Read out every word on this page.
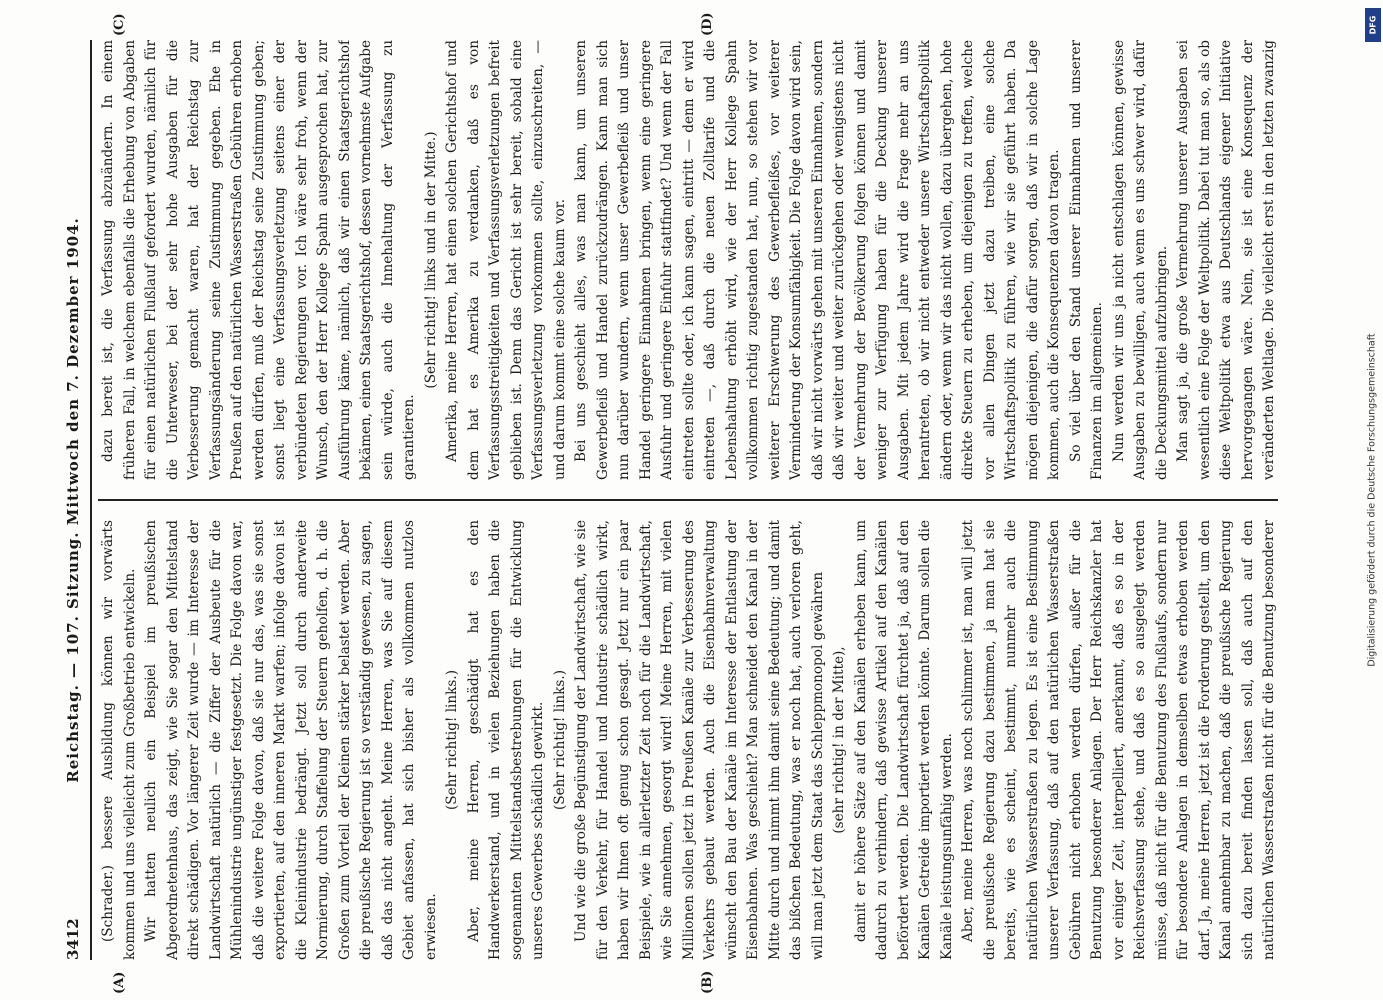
3412
Reichstag. — 107. Sitzung. Mittwoch den 7. Dezember 1904.
(A)	(B)
(C)	(D)

(Schrader.) bessere Ausbildung können wir vorwärts kommen und uns vielleicht zum Großbetrieb entwickeln. Wir hatten neulich ein Beispiel im preußischen Abgeordnetenhaus, das zeigt, wie Sie sogar den Mittelstand direkt schädigen. Vor längerer Zeit wurde — im Interesse der Landwirtschaft natürlich — die Ziffer der Ausbeute für die Mühlenindustrie ungünstiger festgesetzt. Die Folge davon war, daß die weitere Folge davon, daß sie nur das, was sie sonst exportierten, auf den inneren Markt warfen; infolge davon ist die Kleinindustrie bedrängt. Jetzt soll durch anderweite Normierung, durch Staffelung der Steuern geholfen, d. h. die Großen zum Vorteil der Kleinen stärker belastet werden. Aber die preußische Regierung ist so verständig gewesen, zu sagen, daß das nicht angeht. Meine Herren, was Sie auf diesem Gebiet anfassen, hat sich bisher als vollkommen nutzlos erwiesen.

(Sehr richtig! links.) Aber, meine Herren, geschädigt hat es den Handwerkerstand, und in vielen Beziehungen haben die sogenannten Mittelstandsbestrebungen für die Entwicklung unseres Gewerbes schädlich gewirkt. (Sehr richtig! links.) Und wie die große Begünstigung der Landwirtschaft, wie sie für den Verkehr, für Handel und Industrie schädlich wirkt, haben wir Ihnen oft genug schon gesagt. Jetzt nur ein paar Beispiele, wie in allerletzter Zeit noch für die Landwirtschaft, wie Sie annehmen, gesorgt wird! Meine Herren, mit vielen Millionen sollen jetzt in Preußen Kanäle zur Verbesserung des Verkehrs gebaut werden. Auch die Eisenbahnverwaltung wünscht den Bau der Kanäle im Interesse der Entlastung der Eisenbahnen. Was geschieht? Man schneidet den Kanal in der Mitte durch und nimmt ihm damit seine Bedeutung; und damit das bißchen Bedeutung, was er noch hat, auch verloren geht, will man jetzt dem Staat das Schleppmonopol gewähren (sehr richtig! in der Mitte), damit er höhere Sätze auf den Kanälen erheben kann, um dadurch zu verhindern, daß gewisse Artikel auf den Kanälen befördert werden. Die Landwirtschaft fürchtet ja, daß auf den Kanälen Getreide importiert werden könnte. Darum sollen die Kanäle leistungsunfähig werden. Aber, meine Herren, was noch schlimmer ist, man will jetzt die preußische Regierung dazu bestimmen, ja man hat sie bereits, wie es scheint, bestimmt, nunmehr auch die natürlichen Wasserstraßen zu legen. Es ist eine Bestimmung unserer Verfassung, daß auf den natürlichen Wasserstraßen Gebühren nicht erhoben werden dürfen, außer für die Benutzung besonderer Anlagen. Der Herr Reichskanzler hat vor einiger Zeit, interpelliert, anerkannt, daß es so in der Reichsverfassung stehe, und daß es so ausgelegt werden müsse, daß nicht für die Benutzung des Flußlaufs, sondern nur für besondere Anlagen in demselben etwas erhoben werden darf. Ja, meine Herren, jetzt ist die Forderung gestellt, um den Kanal annehmbar zu machen, daß die preußische Regierung sich dazu bereit finden lassen soll, daß auch auf den natürlichen Wasserstraßen nicht für die Benutzung besonderer

dazu bereit ist, die Verfassung abzuändern. In einem früheren Fall, in welchem ebenfalls die Erhebung von Abgaben für einen natürlichen Flußlauf gefordert wurden, nämlich für die Unterweser, bei der sehr hohe Ausgaben für die Verbesserung gemacht waren, hat der Reichstag zur Verfassungsänderung seine Zustimmung gegeben. Ehe in Preußen auf den natürlichen Wasserstraßen Gebühren erhoben werden dürfen, muß der Reichstag seine Zustimmung geben; sonst liegt eine Verfassungsverletzung seitens einer der verbündeten Regierungen vor. Ich wäre sehr froh, wenn der Wunsch, den der Herr Kollege Spahn ausgesprochen hat, zur Ausführung käme, nämlich, daß wir einen Staatsgerichtshof bekämen, einen Staatsgerichtshof, dessen vornehmste Aufgabe sein würde, auch die Innehaltung der Verfassung zu garantieren.

(Sehr richtig! links und in der Mitte.) Amerika, meine Herren, hat einen solchen Gerichtshof und dem hat es Amerika zu verdanken, daß es von Verfassungsstreitigkeiten und Verfassungsverletzungen befreit geblieben ist. Denn das Gericht ist sehr bereit, sobald eine Verfassungsverletzung vorkommen sollte, einzuschreiten, — und darum kommt eine solche kaum vor. Bei uns geschieht alles, was man kann, um unseren Gewerbefleiß und Handel zurückzudrängen. Kann man sich nun darüber wundern, wenn unser Gewerbefleiß und unser Handel geringere Einnahmen bringen, wenn eine geringere Ausfuhr und geringere Einfuhr stattfindet? Und wenn der Fall eintreten sollte oder, ich kann sagen, eintritt — denn er wird eintreten —, daß durch die neuen Zolltarife und die Lebenshaltung erhöht wird, wie der Herr Kollege Spahn vollkommen richtig zugestanden hat, nun, so stehen wir vor weiterer Erschwerung des Gewerbefleißes, vor weiterer Verminderung der Konsumfähigkeit. Die Folge davon wird sein, daß wir nicht vorwärts gehen mit unseren Einnahmen, sondern daß wir weiter und weiter zurückgehen oder wenigstens nicht der Vermehrung der Bevölkerung folgen können und damit weniger zur Verfügung haben für die Deckung unserer Ausgaben. Mit jedem Jahre wird die Frage mehr an uns herantreten, ob wir nicht entweder unsere Wirtschaftspolitik ändern oder, wenn wir das nicht wollen, dazu übergehen, hohe direkte Steuern zu erheben, um diejenigen zu treffen, welche vor allen Dingen jetzt dazu treiben, eine solche Wirtschaftspolitik zu führen, wie wir sie geführt haben. Da mögen diejenigen, die dafür sorgen, daß wir in solche Lage kommen, auch die Konsequenzen davon tragen. So viel über den Stand unserer Einnahmen und unserer Finanzen im allgemeinen. Nun werden wir uns ja nicht entschlagen können, gewisse Ausgaben zu bewilligen, auch wenn es uns schwer wird, dafür die Deckungsmittel aufzubringen. Man sagt ja, die große Vermehrung unserer Ausgaben sei wesentlich eine Folge der Weltpolitik. Dabei tut man so, als ob diese Weltpolitik etwa aus Deutschlands eigener Initiative hervorgegangen wäre. Nein, sie ist eine Konsequenz der veränderten Weltlage. Die vielleicht erst in den letzten zwanzig

Digitalisierung gefördert durch die Deutsche Forschungsgemeinschaft
DFG
